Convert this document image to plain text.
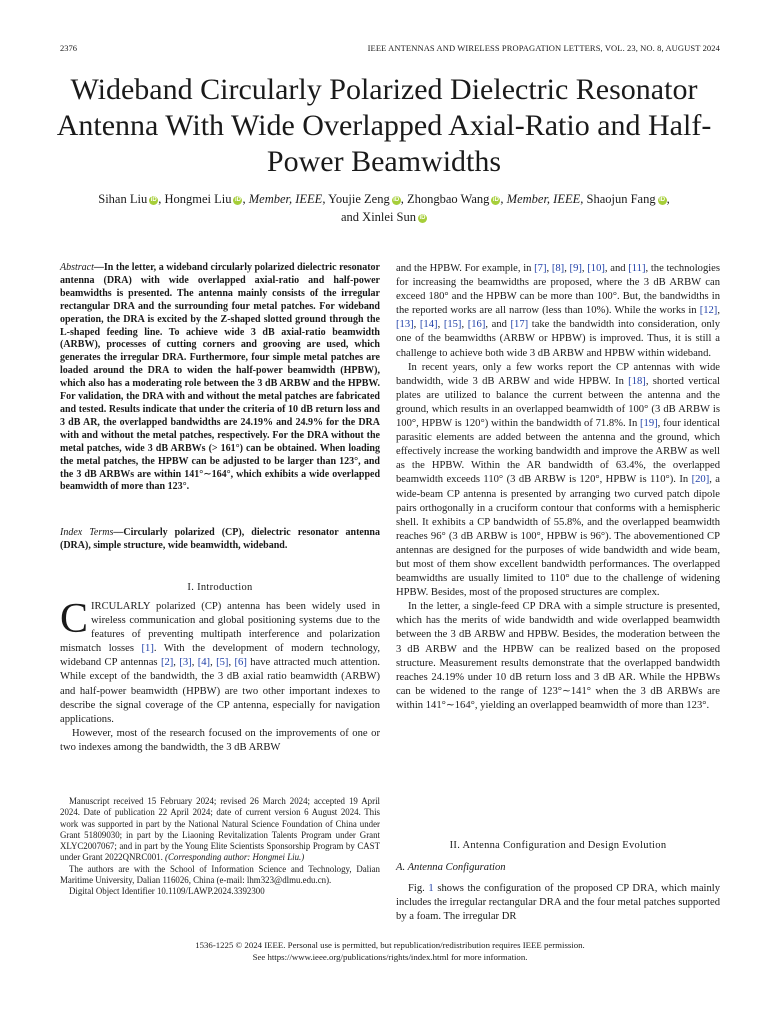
2376	IEEE ANTENNAS AND WIRELESS PROPAGATION LETTERS, VOL. 23, NO. 8, AUGUST 2024
Wideband Circularly Polarized Dielectric Resonator Antenna With Wide Overlapped Axial-Ratio and Half-Power Beamwidths
Sihan Liu iD , Hongmei Liu iD , Member, IEEE, Youjie Zeng iD , Zhongbao Wang iD , Member, IEEE, Shaojun Fang iD ,
and Xinlei Sun iD
Abstract—In the letter, a wideband circularly polarized dielectric resonator antenna (DRA) with wide overlapped axial-ratio and half-power beamwidths is presented. The antenna mainly consists of the irregular rectangular DRA and the surrounding four metal patches. For wideband operation, the DRA is excited by the Z-shaped slotted ground through the L-shaped feeding line. To achieve wide 3 dB axial-ratio beamwidth (ARBW), processes of cutting corners and grooving are used, which generates the irregular DRA. Furthermore, four simple metal patches are loaded around the DRA to widen the half-power beamwidth (HPBW), which also has a moderating role between the 3 dB ARBW and the HPBW. For validation, the DRA with and without the metal patches are fabricated and tested. Results indicate that under the criteria of 10 dB return loss and 3 dB AR, the overlapped bandwidths are 24.19% and 24.9% for the DRA with and without the metal patches, respectively. For the DRA without the metal patches, wide 3 dB ARBWs (> 161°) can be obtained. When loading the metal patches, the HPBW can be adjusted to be larger than 123°, and the 3 dB ARBWs are within 141°∼164°, which exhibits a wide overlapped beamwidth of more than 123°.
Index Terms—Circularly polarized (CP), dielectric resonator antenna (DRA), simple structure, wide beamwidth, wideband.
I. Introduction

CIRCULARLY polarized (CP) antenna has been widely used in wireless communication and global positioning systems due to the features of preventing multipath interference and polarization mismatch losses [1]. With the development of modern technology, wideband CP antennas [2], [3], [4], [5], [6] have attracted much attention. While except of the bandwidth, the 3 dB axial ratio beamwidth (ARBW) and half-power beamwidth (HPBW) are two other important indexes to describe the signal coverage of the CP antenna, especially for navigation applications.

However, most of the research focused on the improvements of one or two indexes among the bandwidth, the 3 dB ARBW

Manuscript received 15 February 2024; revised 26 March 2024; accepted 19 April 2024. Date of publication 22 April 2024; date of current version 6 August 2024. This work was supported in part by the National Natural Science Foundation of China under Grant 51809030; in part by the Liaoning Revitalization Talents Program under Grant XLYC2007067; and in part by the Young Elite Scientists Sponsorship Program by CAST under Grant 2022QNRC001. (Corresponding author: Hongmei Liu.)

The authors are with the School of Information Science and Technology, Dalian Maritime University, Dalian 116026, China (e-mail: lhm323@dlmu.edu.cn).

Digital Object Identifier 10.1109/LAWP.2024.3392300

and the HPBW. For example, in [7], [8], [9], [10], and [11], the technologies for increasing the beamwidths are proposed, where the 3 dB ARBW can exceed 180° and the HPBW can be more than 100°. But, the bandwidths in the reported works are all narrow (less than 10%). While the works in [12], [13], [14], [15], [16], and [17] take the bandwidth into consideration, only one of the beamwidths (ARBW or HPBW) is improved. Thus, it is still a challenge to achieve both wide 3 dB ARBW and HPBW within wideband.

In recent years, only a few works report the CP antennas with wide bandwidth, wide 3 dB ARBW and wide HPBW. In [18], shorted vertical plates are utilized to balance the current between the antenna and the ground, which results in an overlapped beamwidth of 100° (3 dB ARBW is 100°, HPBW is 120°) within the bandwidth of 71.8%. In [19], four identical parasitic elements are added between the antenna and the ground, which effectively increase the working bandwidth and improve the ARBW as well as the HPBW. Within the AR bandwidth of 63.4%, the overlapped beamwidth exceeds 110° (3 dB ARBW is 120°, HPBW is 110°). In [20], a wide-beam CP antenna is presented by arranging two curved patch dipole pairs orthogonally in a cruciform contour that conforms with a hemispheric shell. It exhibits a CP bandwidth of 55.8%, and the overlapped beamwidth reaches 96° (3 dB ARBW is 100°, HPBW is 96°). The abovementioned CP antennas are designed for the purposes of wide bandwidth and wide beam, but most of them show excellent bandwidth performances. The overlapped beamwidths are usually limited to 110° due to the challenge of widening HPBW. Besides, most of the proposed structures are complex.

In the letter, a single-feed CP DRA with a simple structure is presented, which has the merits of wide bandwidth and wide overlapped beamwidth between the 3 dB ARBW and HPBW. Besides, the moderation between the 3 dB ARBW and the HPBW can be realized based on the proposed structure. Measurement results demonstrate that the overlapped bandwidth reaches 24.19% under 10 dB return loss and 3 dB AR. While the HPBWs can be widened to the range of 123°∼141° when the 3 dB ARBWs are within 141°∼164°, yielding an overlapped beamwidth of more than 123°.

II. Antenna Configuration and Design Evolution
A. Antenna Configuration

Fig. 1 shows the configuration of the proposed CP DRA, which mainly includes the irregular rectangular DRA and the four metal patches supported by a foam. The irregular DR

1536-1225 © 2024 IEEE. Personal use is permitted, but republication/redistribution requires IEEE permission.
See https://www.ieee.org/publications/rights/index.html for more information.
